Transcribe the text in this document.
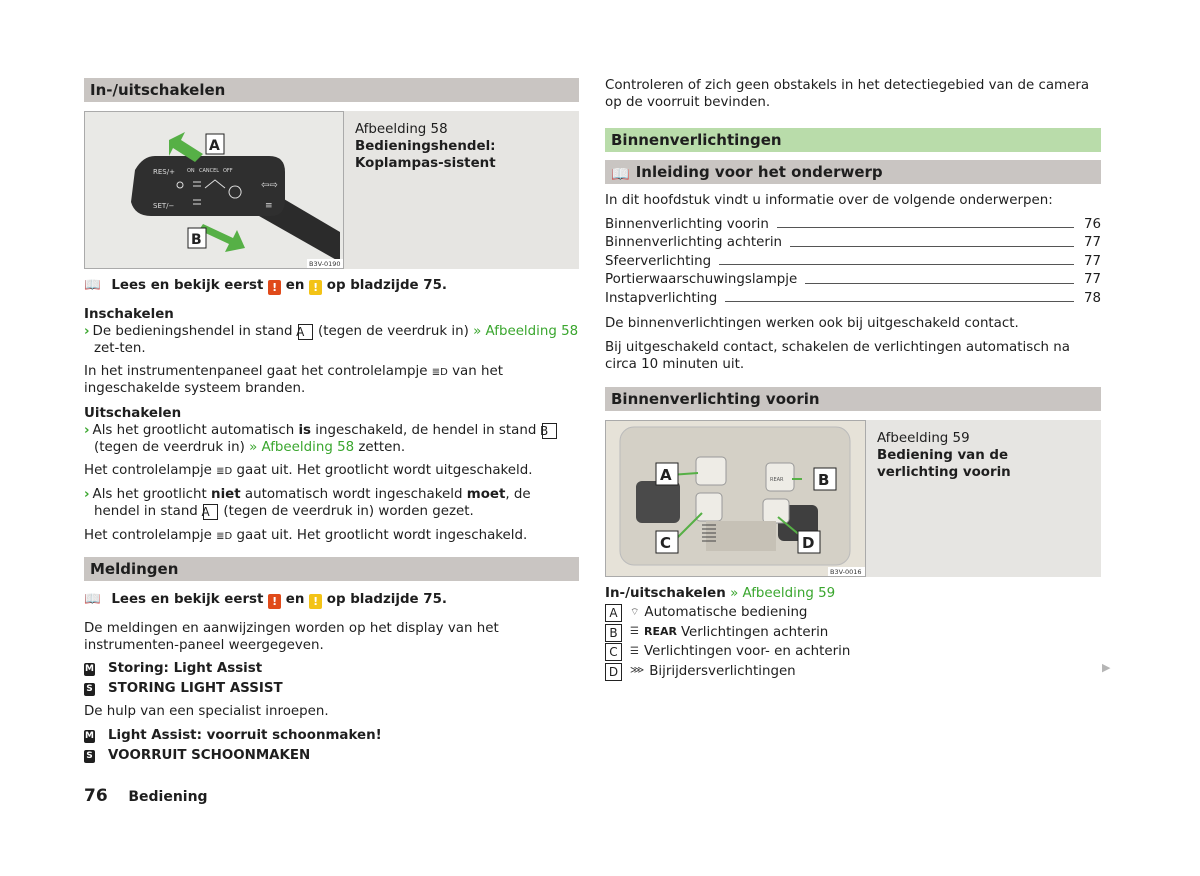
In-/uitschakelen
RES/+
SET/−
ON CANCEL OFF
⇦⇨
≡
A
B
B3V-0190
Afbeelding 58
Bedieningshendel: Koplampas-sistent
📖 Lees en bekijk eerst ! en ! op bladzijde 75.
Inschakelen
› De bedieningshendel in stand A (tegen de veerdruk in) » Afbeelding 58 zet-ten.
In het instrumentenpaneel gaat het controlelampje ≣D van het ingeschakelde systeem branden.
Uitschakelen
› Als het grootlicht automatisch is ingeschakeld, de hendel in stand B (tegen de veerdruk in) » Afbeelding 58 zetten.
Het controlelampje ≣D gaat uit. Het grootlicht wordt uitgeschakeld.
› Als het grootlicht niet automatisch wordt ingeschakeld moet, de hendel in stand A (tegen de veerdruk in) worden gezet.
Het controlelampje ≣D gaat uit. Het grootlicht wordt ingeschakeld.
Meldingen
📖 Lees en bekijk eerst ! en ! op bladzijde 75.
De meldingen en aanwijzingen worden op het display van het instrumenten-paneel weergegeven.
M Storing: Light Assist
S STORING LIGHT ASSIST
De hulp van een specialist inroepen.
M Light Assist: voorruit schoonmaken!
S VOORRUIT SCHOONMAKEN
Controleren of zich geen obstakels in het detectiegebied van de camera op de voorruit bevinden.
Binnenverlichtingen
📖 Inleiding voor het onderwerp
In dit hoofdstuk vindt u informatie over de volgende onderwerpen:
Binnenverlichting voorin	76
Binnenverlichting achterin	77
Sfeerverlichting	77
Portierwaarschuwingslampje	77
Instapverlichting	78
De binnenverlichtingen werken ook bij uitgeschakeld contact.
Bij uitgeschakeld contact, schakelen de verlichtingen automatisch na circa 10 minuten uit.
Binnenverlichting voorin
REAR
A	B
C	D
B3V-0016
Afbeelding 59
Bediening van de verlichting voorin
In-/uitschakelen » Afbeelding 59
A	⌔ Automatische bediening
B	☰ REAR Verlichtingen achterin
C	☰ Verlichtingen voor- en achterin
D	⋙ Bijrijdersverlichtingen	▶
76 Bediening
